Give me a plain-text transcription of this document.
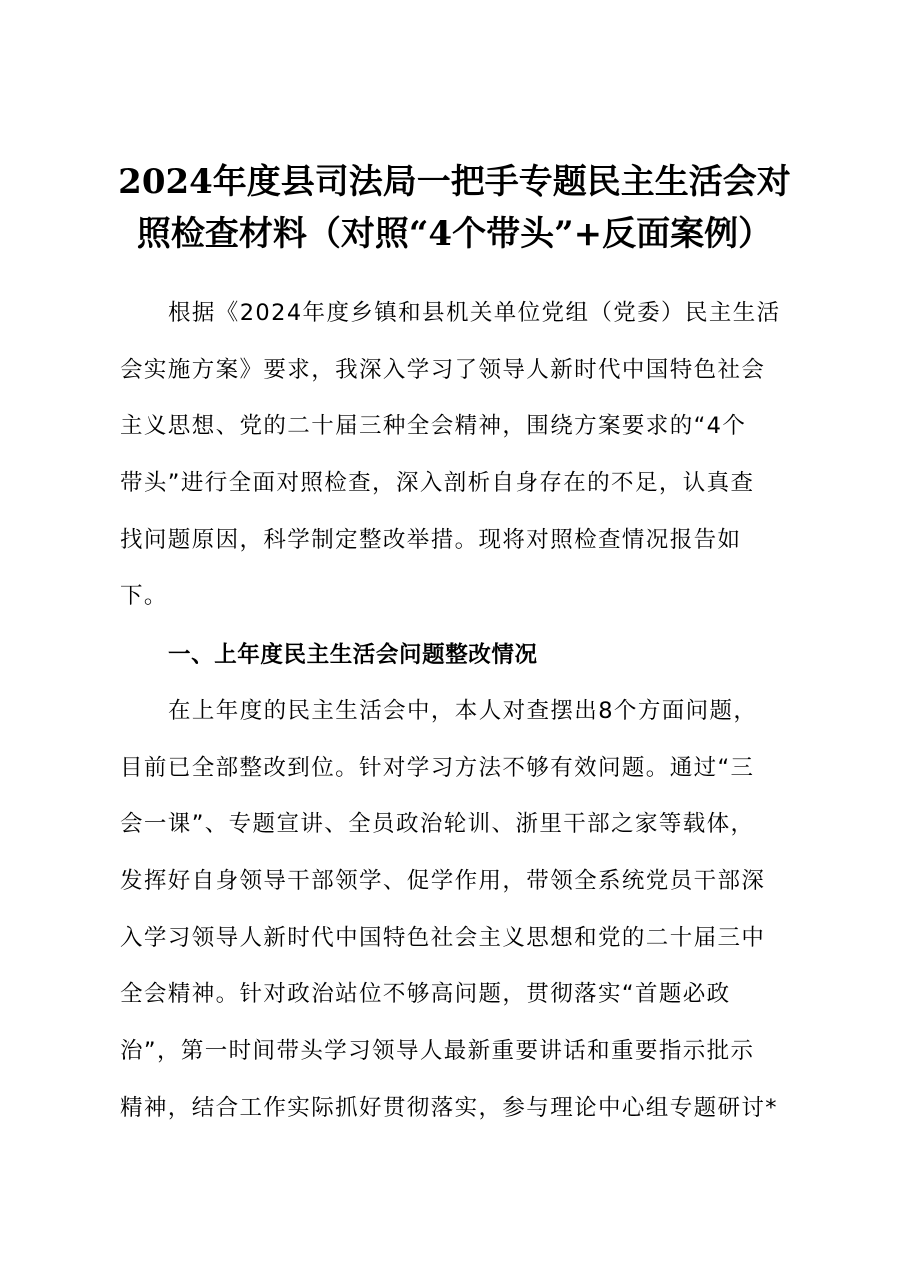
2024年度县司法局一把手专题民主生活会对
照检查材料（对照“4个带头”+反面案例）
根据《2024年度乡镇和县机关单位党组（党委）民主生活
会实施方案》要求，我深入学习了领导人新时代中国特色社会
主义思想、党的二十届三种全会精神，围绕方案要求的“4个
带头”进行全面对照检查，深入剖析自身存在的不足，认真查
找问题原因，科学制定整改举措。现将对照检查情况报告如
下。
一、上年度民主生活会问题整改情况
在上年度的民主生活会中，本人对查摆出8个方面问题，
目前已全部整改到位。针对学习方法不够有效问题。通过“三
会一课”、专题宣讲、全员政治轮训、浙里干部之家等载体，
发挥好自身领导干部领学、促学作用，带领全系统党员干部深
入学习领导人新时代中国特色社会主义思想和党的二十届三中
全会精神。针对政治站位不够高问题，贯彻落实“首题必政
治”，第一时间带头学习领导人最新重要讲话和重要指示批示
精神，结合工作实际抓好贯彻落实，参与理论中心组专题研讨*
